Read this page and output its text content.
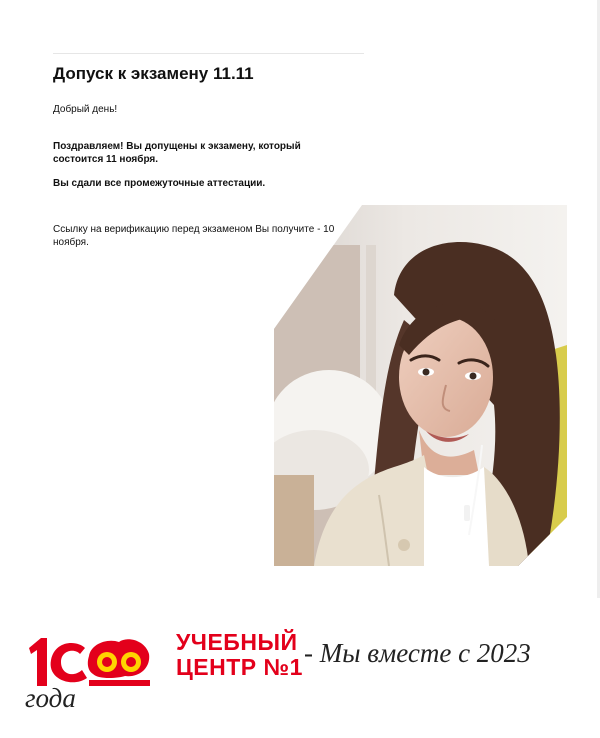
Допуск к экзамену 11.11

Добрый день!

Поздравляем! Вы допущены к экзамену, который состоится 11 ноября.

Вы сдали все промежуточные аттестации.

Ссылку на верификацию перед экзаменом Вы получите - 10 ноября.

УЧЕБНЫЙ
ЦЕНТР №1 - Мы вместе с 2023

года
